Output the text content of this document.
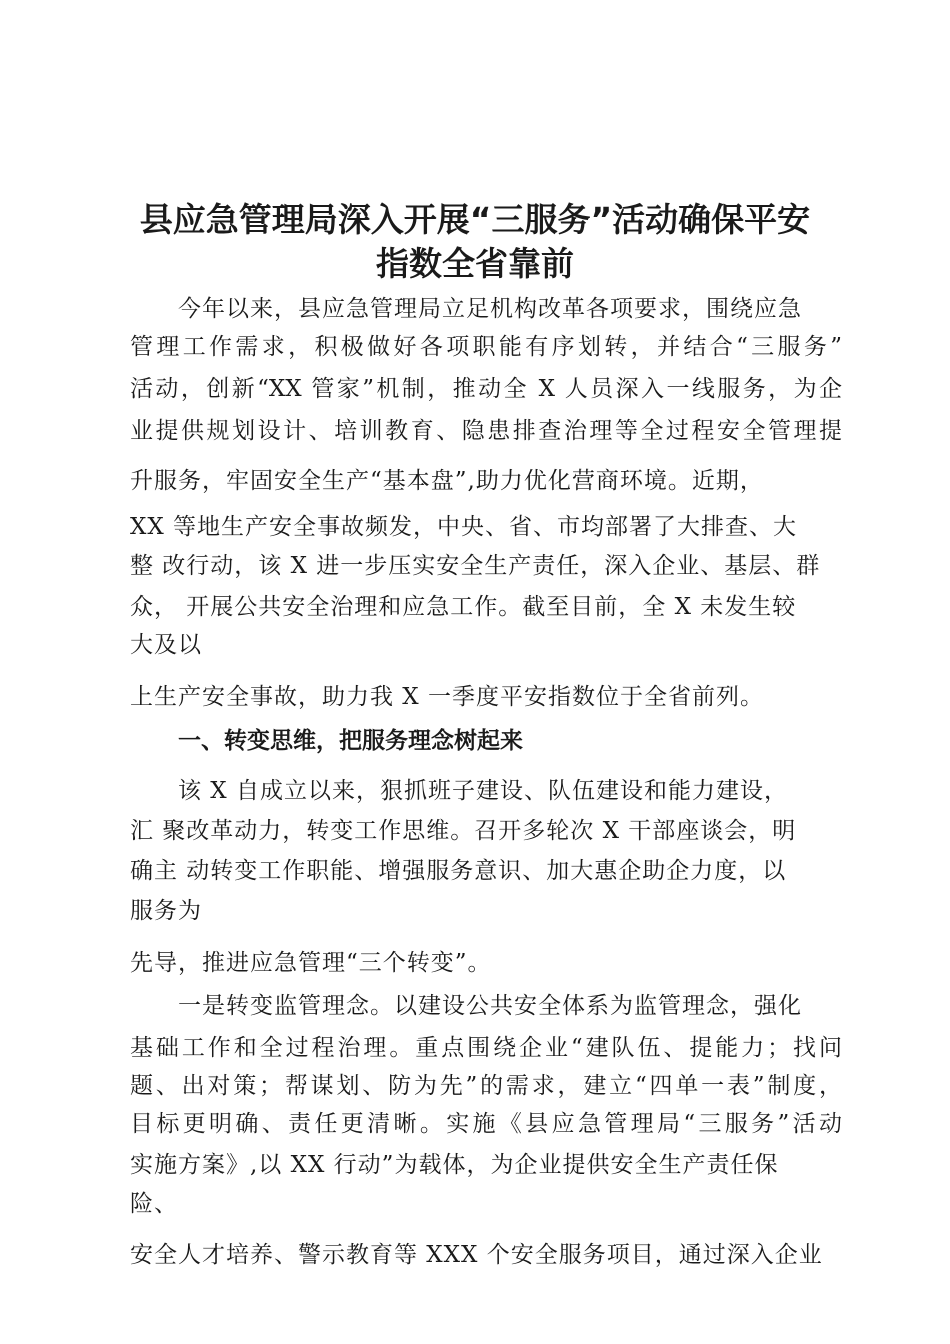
县应急管理局深入开展“三服务”活动确保平安
指数全省靠前
今年以来，县应急管理局立足机构改革各项要求，围绕应急
管理工作需求，积极做好各项职能有序划转，并结合“三服务”
活动，创新“XX 管家”机制，推动全 X 人员深入一线服务，为企
业提供规划设计、培训教育、隐患排查治理等全过程安全管理提
升服务，牢固安全生产“基本盘”,助力优化营商环境。近期，
XX 等地生产安全事故频发，中央、省、市均部署了大排查、大
整 改行动，该 X 进一步压实安全生产责任，深入企业、基层、群
众， 开展公共安全治理和应急工作。截至目前，全 X 未发生较
大及以
上生产安全事故，助力我 X 一季度平安指数位于全省前列。
一、转变思维，把服务理念树起来
该 X 自成立以来，狠抓班子建设、队伍建设和能力建设，
汇 聚改革动力，转变工作思维。召开多轮次 X 干部座谈会，明
确主 动转变工作职能、增强服务意识、加大惠企助企力度，以
服务为
先导，推进应急管理“三个转变”。
一是转变监管理念。以建设公共安全体系为监管理念，强化
基础工作和全过程治理。重点围绕企业“建队伍、提能力；找问
题、出对策；帮谋划、防为先”的需求，建立“四单一表”制度，
目标更明确、责任更清晰。实施《县应急管理局“三服务”活动
实施方案》,以 XX 行动”为载体，为企业提供安全生产责任保
险、
安全人才培养、警示教育等 XXX 个安全服务项目，通过深入企业
